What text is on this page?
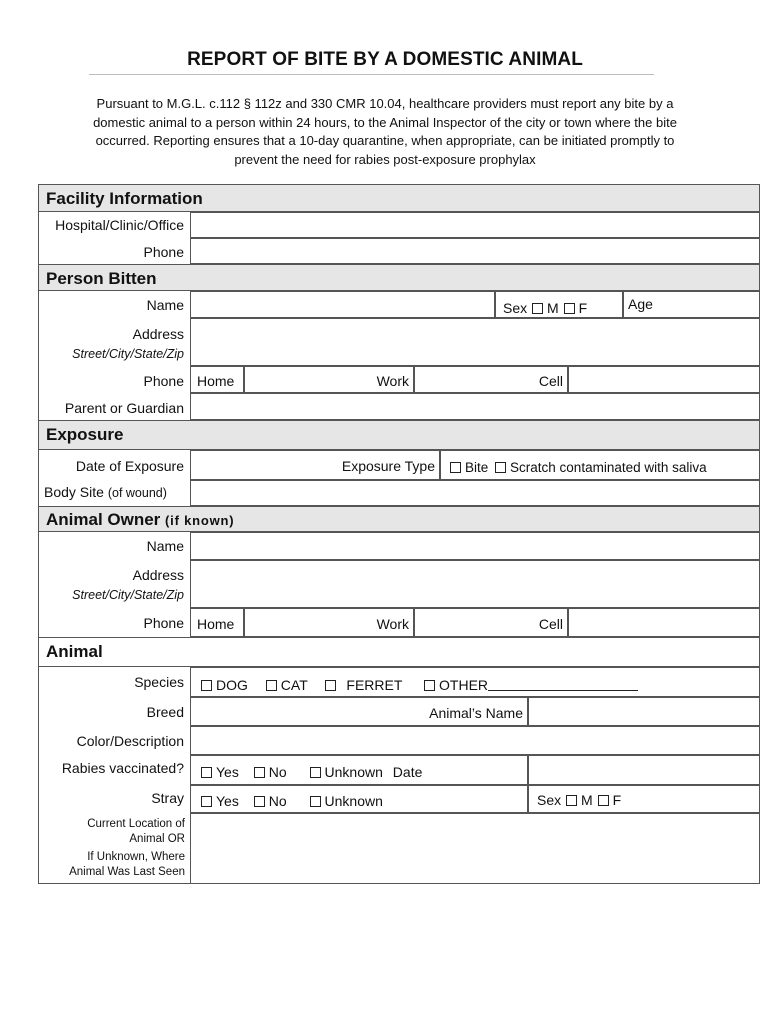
REPORT OF BITE BY A DOMESTIC ANIMAL
Pursuant to M.G.L. c.112 § 112z and 330 CMR 10.04, healthcare providers must report any bite by a domestic animal to a person within 24 hours, to the Animal Inspector of the city or town where the bite occurred. Reporting ensures that a 10-day quarantine, when appropriate, can be initiated promptly to prevent the need for rabies post-exposure prophylax
Facility Information
Hospital/Clinic/Office
Phone
Person Bitten
Name	Sex M F	Age
Address
Street/City/State/Zip
Phone Home	Work	Cell
Parent or Guardian
Exposure
Date of Exposure	Exposure Type	Bite Scratch contaminated with saliva
Body Site (of wound)
Animal Owner (if known)
Name
Address
Street/City/State/Zip
Phone Home	Work	Cell
Animal
Species	DOG CAT	FERRET	OTHER
Breed	Animal’s Name
Color/Description
Rabies vaccinated?	Yes No	Unknown Date
Stray	Yes No	Unknown	Sex M F
Current Location of
Animal OR
If Unknown, Where
Animal Was Last Seen
